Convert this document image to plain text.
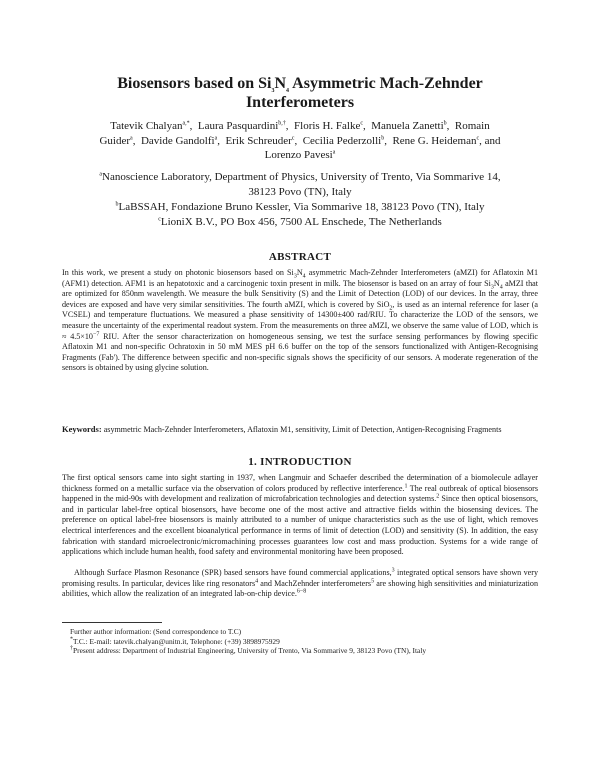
Biosensors based on $Si_3N_4$ Asymmetric Mach-Zehnder
Interferometers
Tatevik Chalyan$^{a,*}$,  Laura Pasquardini$^{b,\dagger}$,  Floris H. Falke$^c$,  Manuela Zanetti$^b$,  Romain
Guider$^a$,  Davide Gandolfi$^a$,  Erik Schreuder$^c$,  Cecilia Pederzolli$^b$,  Rene G. Heideman$^c$, and
Lorenzo Pavesi$^a$
$^a$Nanoscience Laboratory, Department of Physics, University of Trento, Via Sommarive 14,
38123 Povo (TN), Italy
$^b$LaBSSAH, Fondazione Bruno Kessler, Via Sommarive 18, 38123 Povo (TN), Italy
$^c$LioniX B.V., PO Box 456, 7500 AL Enschede, The Netherlands
ABSTRACT
In this work, we present a study on photonic biosensors based on $Si_3N_4$ asymmetric Mach-Zehnder Interferometers (aMZI) for Aflatoxin M1 (AFM1) detection. AFM1 is an hepatotoxic and a carcinogenic toxin present in milk. The biosensor is based on an array of four $Si_3N_4$ aMZI that are optimized for 850nm wavelength. We measure the bulk Sensitivity (S) and the Limit of Detection (LOD) of our devices. In the array, three devices are exposed and have very similar sensitivities. The fourth aMZI, which is covered by SiO$_2$, is used as an internal reference for laser (a VCSEL) and temperature fluctuations. We measured a phase sensitivity of 14300±400 rad/RIU. To characterize the LOD of the sensors, we measure the uncertainty of the experimental readout system. From the measurements on three aMZI, we observe the same value of LOD, which is ≈ $4.5\times 10^{-7}$ RIU. After the sensor characterization on homogeneous sensing, we test the surface sensing performances by flowing specific Aflatoxin M1 and non-specific Ochratoxin in 50 mM MES pH 6.6 buffer on the top of the sensors functionalized with Antigen-Recognising Fragments (Fab'). The difference between specific and non-specific signals shows the specificity of our sensors. A moderate regeneration of the sensors is obtained by using glycine solution.
Keywords: asymmetric Mach-Zehnder Interferometers, Aflatoxin M1, sensitivity, Limit of Detection, Antigen-Recognising Fragments
1. INTRODUCTION
The first optical sensors came into sight starting in 1937, when Langmuir and Schaefer described the determination of a biomolecule adlayer thickness formed on a metallic surface via the observation of colors produced by reflective interference.$^1$ The real outbreak of optical biosensors happened in the mid-90s with development and realization of microfabrication technologies and detection systems.$^2$ Since then optical biosensors, and in particular label-free optical biosensors, have become one of the most active and attractive fields within the biosensing devices. The preference on optical label-free biosensors is mainly attributed to a number of unique characteristics such as the use of light, which removes electrical interferences and the excellent bioanalytical performance in terms of limit of detection (LOD) and sensitivity (S). In addition, the easy fabrication with standard microelectronic/micromachining processes guarantees low cost and mass production. Systems for a wide range of applications which include human health, food safety and environmental monitoring have been proposed.
Although Surface Plasmon Resonance (SPR) based sensors have found commercial applications,$^3$ integrated optical sensors have shown very promising results. In particular, devices like ring resonators$^4$ and MachZehnder interferometers$^5$ are showing high sensitivities and miniaturization abilities, which allow the realization of an integrated lab-on-chip device.$^{6-8}$
Further author information: (Send correspondence to T.C)
*T.C.: E-mail: tatevik.chalyan@unitn.it, Telephone: (+39) 3898975929
†Present address: Department of Industrial Engineering, University of Trento, Via Sommarive 9, 38123 Povo (TN), Italy
